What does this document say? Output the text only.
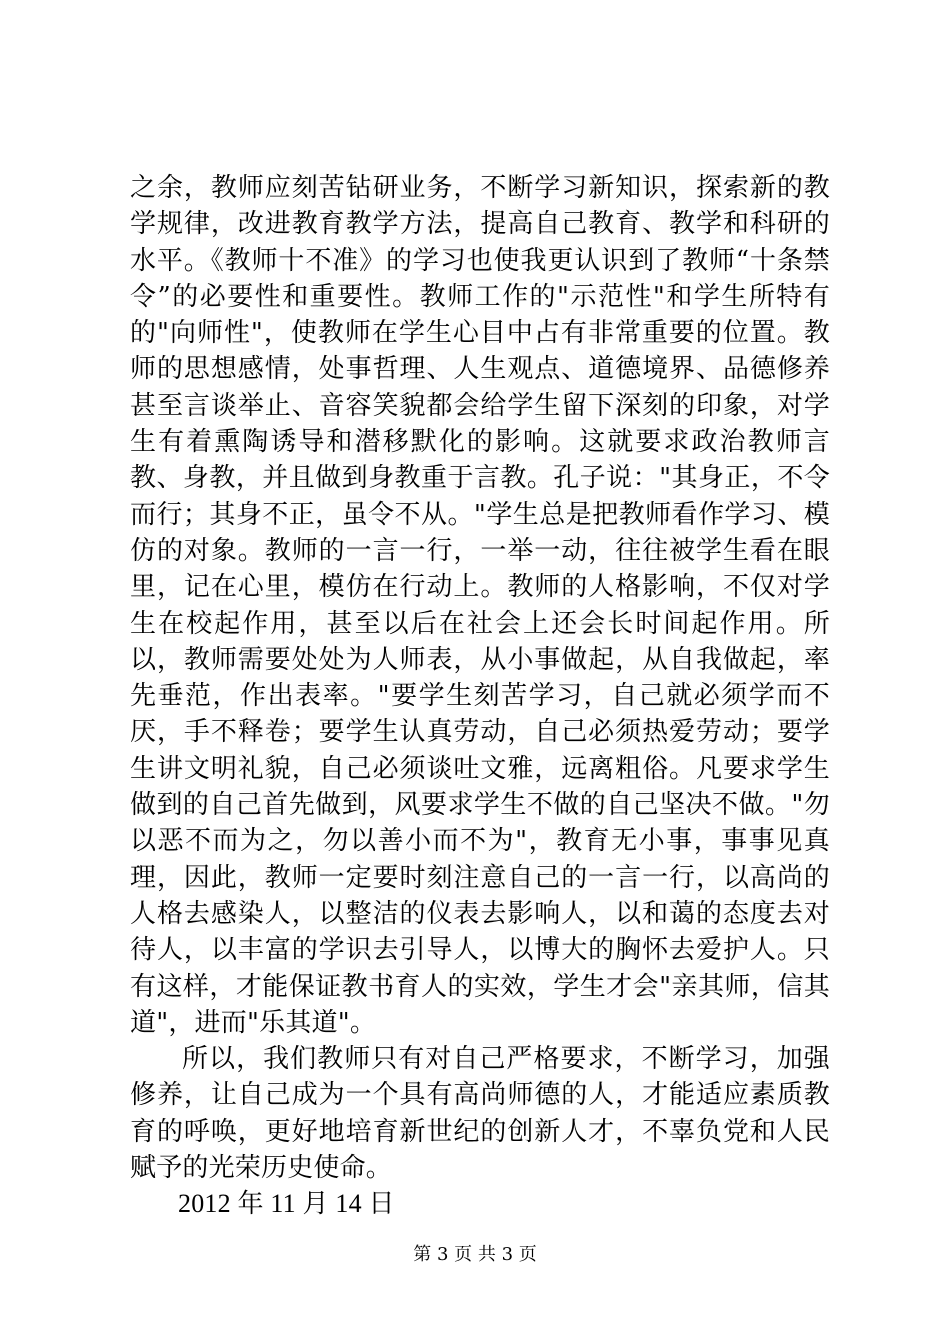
之余，教师应刻苦钻研业务，不断学习新知识，探索新的教学规律，改进教育教学方法，提高自己教育、教学和科研的水平。《教师十不准》的学习也使我更认识到了教师“十条禁令”的必要性和重要性。教师工作的"示范性"和学生所特有的"向师性"，使教师在学生心目中占有非常重要的位置。教师的思想感情，处事哲理、人生观点、道德境界、品德修养甚至言谈举止、音容笑貌都会给学生留下深刻的印象，对学生有着熏陶诱导和潜移默化的影响。这就要求政治教师言教、身教，并且做到身教重于言教。孔子说："其身正，不令而行；其身不正，虽令不从。"学生总是把教师看作学习、模仿的对象。教师的一言一行，一举一动，往往被学生看在眼里，记在心里，模仿在行动上。教师的人格影响，不仅对学生在校起作用，甚至以后在社会上还会长时间起作用。所以，教师需要处处为人师表，从小事做起，从自我做起，率先垂范，作出表率。"要学生刻苦学习，自己就必须学而不厌，手不释卷；要学生认真劳动，自己必须热爱劳动；要学生讲文明礼貌，自己必须谈吐文雅，远离粗俗。凡要求学生做到的自己首先做到，风要求学生不做的自己坚决不做。"勿以恶不而为之，勿以善小而不为"，教育无小事，事事见真理，因此，教师一定要时刻注意自己的一言一行，以高尚的人格去感染人，以整洁的仪表去影响人，以和蔼的态度去对待人，以丰富的学识去引导人，以博大的胸怀去爱护人。只有这样，才能保证教书育人的实效，学生才会"亲其师，信其道"，进而"乐其道"。

所以，我们教师只有对自己严格要求，不断学习，加强修养，让自己成为一个具有高尚师德的人，才能适应素质教育的呼唤，更好地培育新世纪的创新人才，不辜负党和人民赋予的光荣历史使命。

2012 年 11 月 14 日

第 3 页 共 3 页
